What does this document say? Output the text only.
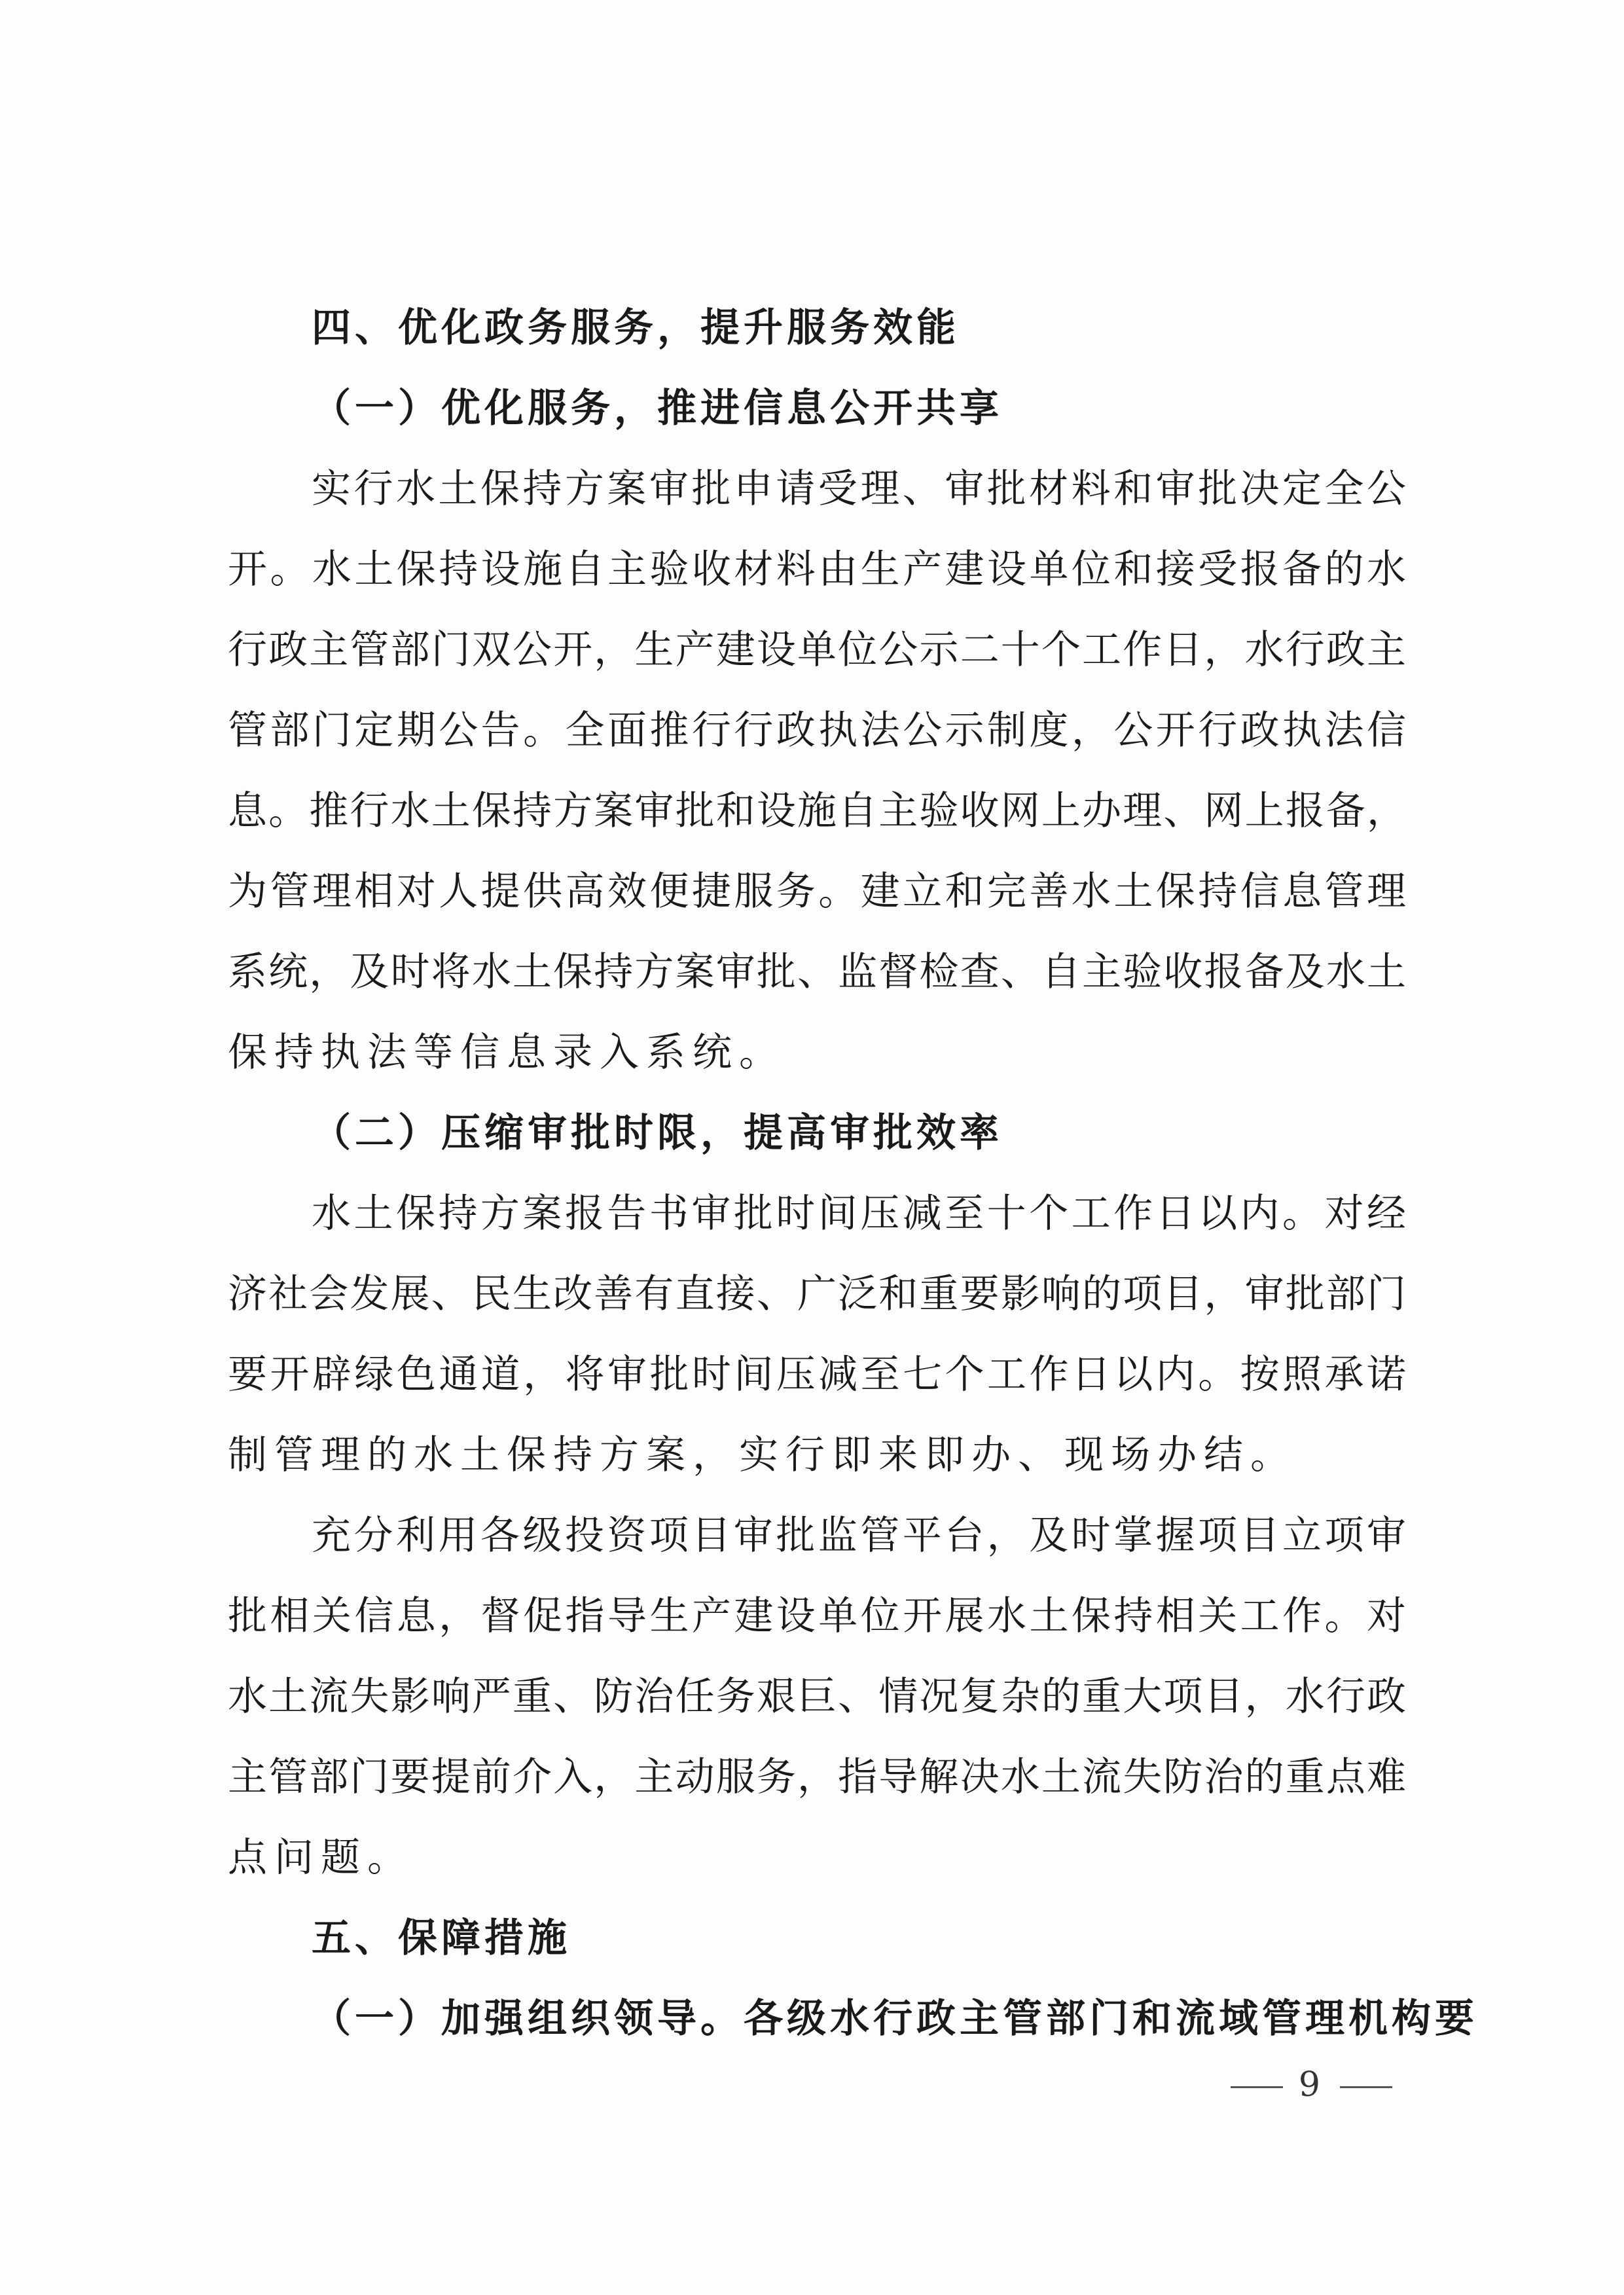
四、优化政务服务，提升服务效能
（一）优化服务，推进信息公开共享
实行水土保持方案审批申请受理、审批材料和审批决定全公
开。水土保持设施自主验收材料由生产建设单位和接受报备的水
行政主管部门双公开，生产建设单位公示二十个工作日，水行政主
管部门定期公告。全面推行行政执法公示制度，公开行政执法信
息。推行水土保持方案审批和设施自主验收网上办理、网上报备，
为管理相对人提供高效便捷服务。建立和完善水土保持信息管理
系统，及时将水土保持方案审批、监督检查、自主验收报备及水土
保持执法等信息录入系统。
（二）压缩审批时限，提高审批效率
水土保持方案报告书审批时间压减至十个工作日以内。对经
济社会发展、民生改善有直接、广泛和重要影响的项目，审批部门
要开辟绿色通道，将审批时间压减至七个工作日以内。按照承诺
制管理的水土保持方案，实行即来即办、现场办结。
充分利用各级投资项目审批监管平台，及时掌握项目立项审
批相关信息，督促指导生产建设单位开展水土保持相关工作。对
水土流失影响严重、防治任务艰巨、情况复杂的重大项目，水行政
主管部门要提前介入，主动服务，指导解决水土流失防治的重点难
点问题。
五、保障措施
（一）加强组织领导。各级水行政主管部门和流域管理机构要
9
